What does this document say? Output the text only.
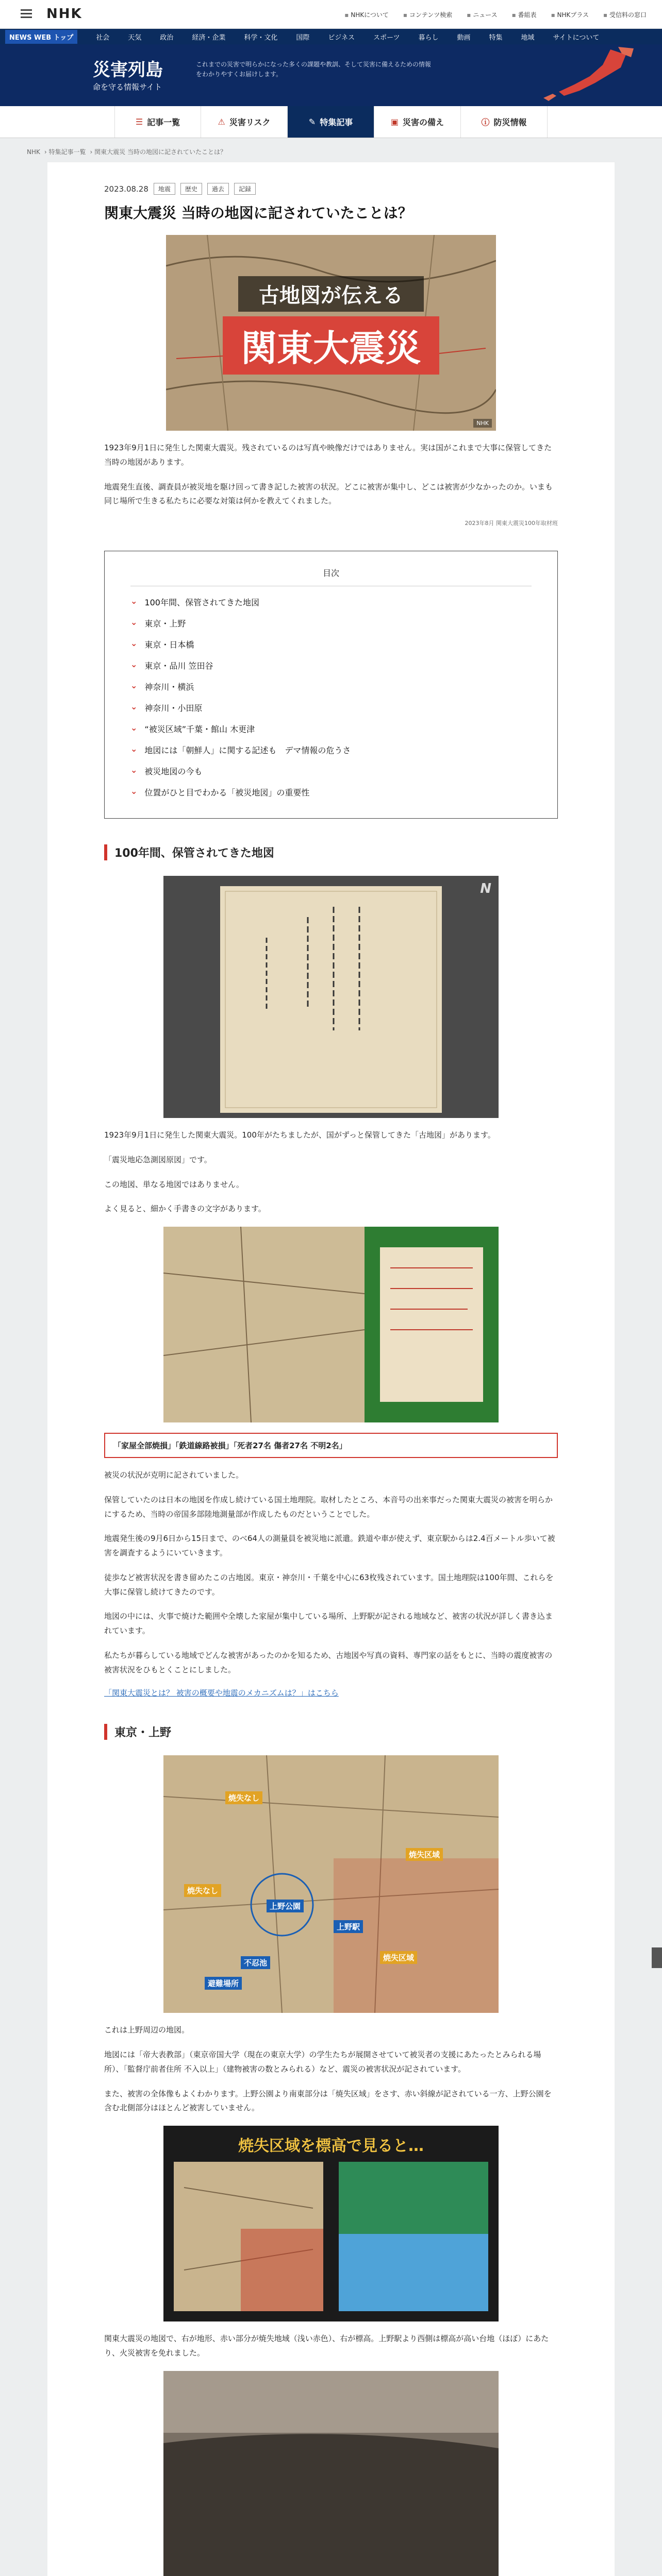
NHK	▪ NHKについて	▪ コンテンツ検索	▪ ニュース	▪ 番組表	▪ NHKプラス	▪ 受信料の窓口
NEWS WEB トップ	社会	天気	政治	経済・企業	科学・文化	国際	ビジネス	スポーツ	暮らし	動画	特集	地域	サイトについて
災害列島
命を守る情報サイト
これまでの災害で明らかになった多くの課題や教訓、そして災害に備えるための情報をわかりやすくお届けします。
☰ 記事一覧	⚠ 災害リスク	✎ 特集記事	▣ 災害の備え	ⓘ 防災情報
NHK › 特集記事一覧 › 関東大震災 当時の地図に記されていたことは？
2023.08.28	地震	歴史	過去	記録
関東大震災 当時の地図に記されていたことは？
古地図が伝える
関東大震災
NHK

1923年9月1日に発生した関東大震災。残されているのは写真や映像だけではありません。実は国がこれまで大事に保管してきた当時の地図があります。

地震発生直後、調査員が被災地を駆け回って書き記した被害の状況。どこに被害が集中し、どこは被害が少なかったのか。いまも同じ場所で生きる私たちに必要な対策は何かを教えてくれました。

2023年8月 関東大震災100年取材班
目次
⌄ 100年間、保管されてきた地図
⌄ 東京・上野
⌄ 東京・日本橋
⌄ 東京・品川 笠田谷
⌄ 神奈川・横浜
⌄ 神奈川・小田原
⌄ “被災区域”千葉・館山 木更津
⌄ 地図には「朝鮮人」に関する記述も　デマ情報の危うさ
⌄ 被災地図の今も
⌄ 位置がひと目でわかる「被災地図」の重要性
100年間、保管されてきた地図
N

1923年9月1日に発生した関東大震災。100年がたちましたが、国がずっと保管してきた「古地図」があります。

「震災地応急測図原図」です。

この地図、単なる地図ではありません。

よく見ると、細かく手書きの文字があります。

「家屋全部焼損」「鉄道線路被損」「死者27名 傷者27名 不明2名」

被災の状況が克明に記されていました。

保管していたのは日本の地図を作成し続けている国土地理院。取材したところ、本音号の出来事だった関東大震災の被害を明らかにするため、当時の帝国多部陸地測量部が作成したものだということでした。

地震発生後の9月6日から15日まで、のべ64人の測量員を被災地に派遣。鉄道や車が使えず、東京駅からは2.4百メートル歩いて被害を調査するようにいていきます。

徒歩など被害状況を書き留めたこの古地図。東京・神奈川・千葉を中心に63枚残されています。国土地理院は100年間、これらを大事に保管し続けてきたのです。

地図の中には、火事で焼けた範囲や全壊した家屋が集中している場所、上野駅が記される地域など、被害の状況が詳しく書き込まれています。

私たちが暮らしている地域でどんな被害があったのかを知るため、古地図や写真の資料、専門家の話をもとに、当時の震度被害の被害状況をひもとくことにしました。

「関東大震災とは？ 被害の概要や地震のメカニズムは？」はこちら
東京・上野
焼失なし
焼失区域
焼失なし
上野駅
焼失区域
上野公園
避難場所
不忍池

これは上野周辺の地図。

地図には「帝大表教部」（東京帝国大学（現在の東京大学）の学生たちが展開させていて被災者の支援にあたったとみられる場所）、「監督庁前者住所 不入以上」（建物被害の数とみられる）など、震災の被害状況が記されています。

また、被害の全体像もよくわかります。上野公園より南東部分は「焼失区域」をさす、赤い斜線が記されている一方、上野公園を含む北側部分はほとんど被害していません。

焼失区域を標高で見ると…

関東大震災の地図で、右が地形、赤い部分が焼失地域（浅い赤色）、右が標高。上野駅より西側は標高が高い台地（ほぼ）にあたり、火災被害を免れました。
